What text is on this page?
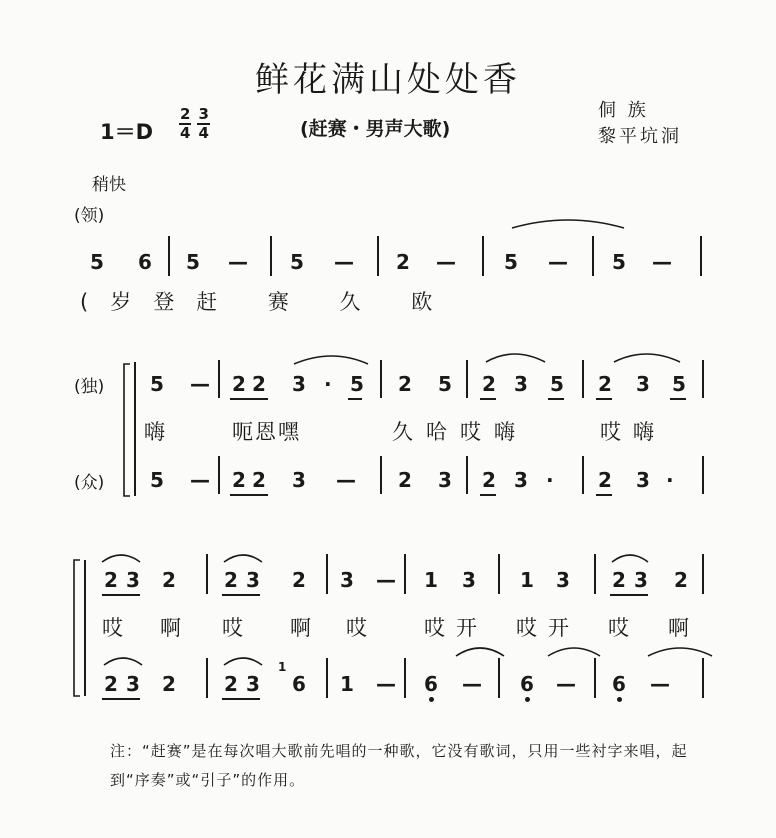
鲜花满山处处香
$1=D \frac{2}{4} \frac{3}{4}$	(赶赛・男声大歌)
侗 族
黎平坑洞
稍快
(领)
5 6 5 — 5 — 2 — 5 — 5 —
(岁登赶 赛 久 欧
(独)
(众)
5 — 2 2 3 · 5 2 5 2 3 5 2 3 5
嗨	呃恩嘿	久哈哎嗨	哎嗨
5 — 2 2 3 — 2 3 2 3 · 2 3 ·
2 3 2 2 3 2 3 — 1 3 1 3 2 3 2
哎 啊 哎 啊 哎	哎 开 哎 开 哎 啊
2 3 2 2 3
1
6 1 — 6 — 6 — 6 —
注：“赶赛”是在每次唱大歌前先唱的一种歌，它没有歌词，只用一些衬字来唱，起到“序奏”或“引子”的作用。
